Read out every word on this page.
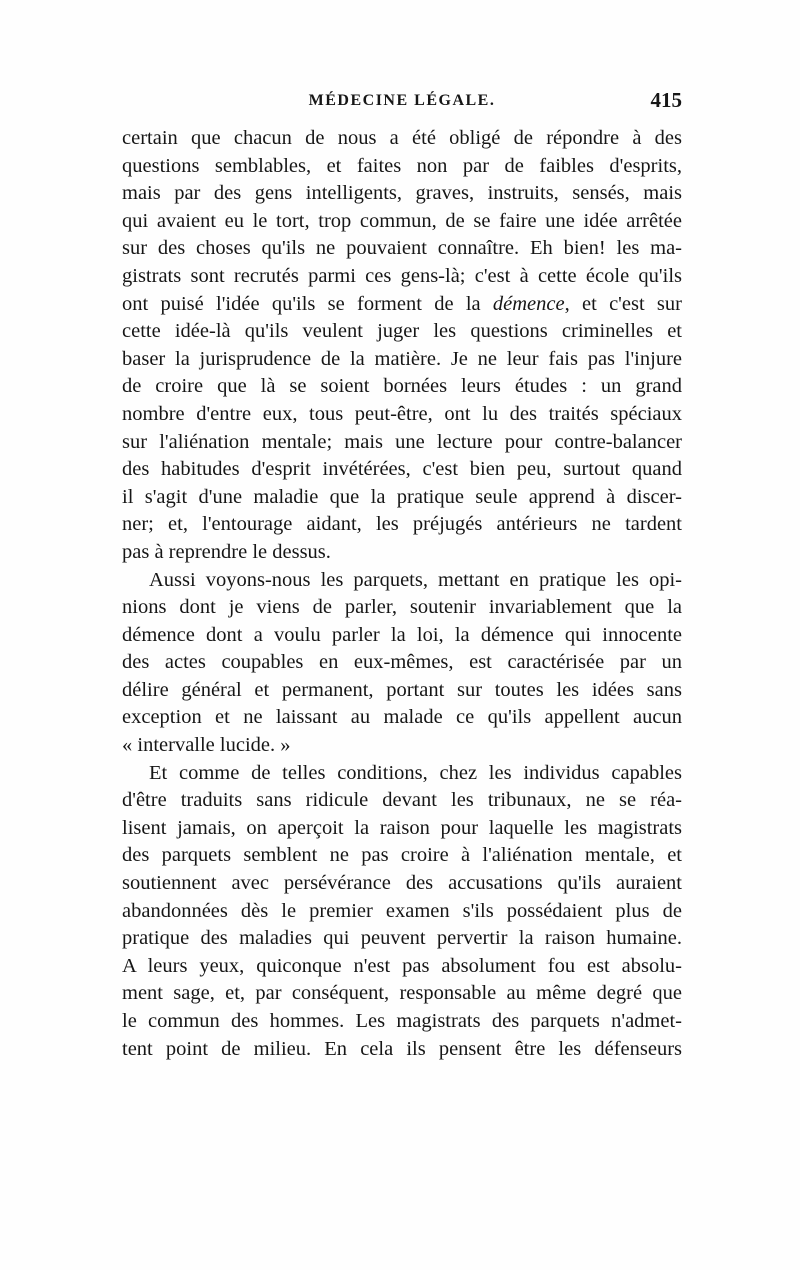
MÉDECINE LÉGALE.	415
certain que chacun de nous a été obligé de répondre à des
questions semblables, et faites non par de faibles d'esprits,
mais par des gens intelligents, graves, instruits, sensés, mais
qui avaient eu le tort, trop commun, de se faire une idée arrêtée
sur des choses qu'ils ne pouvaient connaître. Eh bien! les ma-
gistrats sont recrutés parmi ces gens-là; c'est à cette école qu'ils
ont puisé l'idée qu'ils se forment de la démence, et c'est sur
cette idée-là qu'ils veulent juger les questions criminelles et
baser la jurisprudence de la matière. Je ne leur fais pas l'injure
de croire que là se soient bornées leurs études : un grand
nombre d'entre eux, tous peut-être, ont lu des traités spéciaux
sur l'aliénation mentale; mais une lecture pour contre-balancer
des habitudes d'esprit invétérées, c'est bien peu, surtout quand
il s'agit d'une maladie que la pratique seule apprend à discer-
ner; et, l'entourage aidant, les préjugés antérieurs ne tardent
pas à reprendre le dessus.
Aussi voyons-nous les parquets, mettant en pratique les opi-
nions dont je viens de parler, soutenir invariablement que la
démence dont a voulu parler la loi, la démence qui innocente
des actes coupables en eux-mêmes, est caractérisée par un
délire général et permanent, portant sur toutes les idées sans
exception et ne laissant au malade ce qu'ils appellent aucun
« intervalle lucide. »
Et comme de telles conditions, chez les individus capables
d'être traduits sans ridicule devant les tribunaux, ne se réa-
lisent jamais, on aperçoit la raison pour laquelle les magistrats
des parquets semblent ne pas croire à l'aliénation mentale, et
soutiennent avec persévérance des accusations qu'ils auraient
abandonnées dès le premier examen s'ils possédaient plus de
pratique des maladies qui peuvent pervertir la raison humaine.
A leurs yeux, quiconque n'est pas absolument fou est absolu-
ment sage, et, par conséquent, responsable au même degré que
le commun des hommes. Les magistrats des parquets n'admet-
tent point de milieu. En cela ils pensent être les défenseurs
